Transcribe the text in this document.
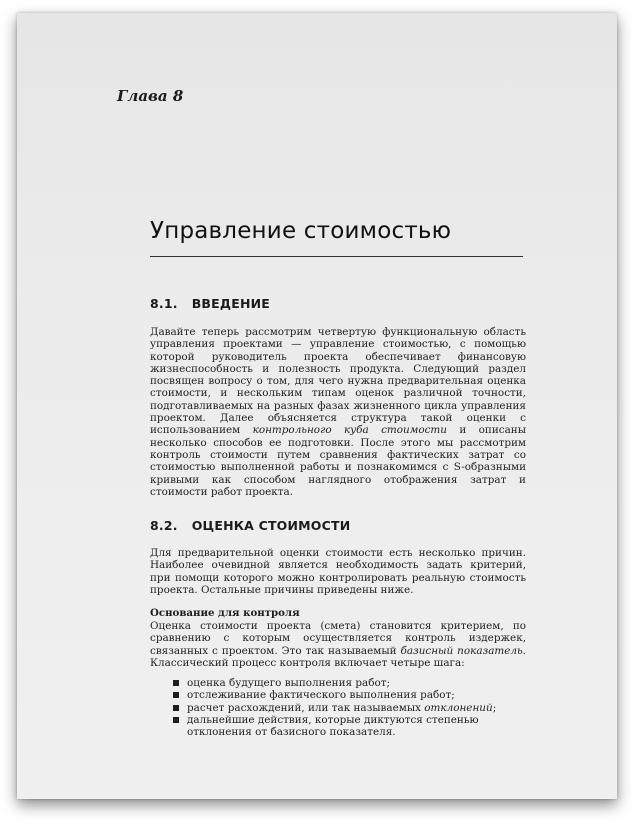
Глава 8
Управление стоимостью
8.1. ВВЕДЕНИЕ
Давайте теперь рассмотрим четвертую функциональную область управления проектами — управление стоимостью, с помощью которой руководитель проекта обеспечивает финансовую жизнеспособность и полезность продукта. Следующий раздел посвящен вопросу о том, для чего нужна предварительная оценка стоимости, и нескольким типам оценок различной точности, подготавливаемых на разных фазах жизненного цикла управления проектом. Далее объясняется структура такой оценки с использованием контрольного куба стоимости и описаны несколько способов ее подготовки. После этого мы рассмотрим контроль стоимости путем сравнения фактических затрат со стоимостью выполненной работы и познакомимся с S-образными кривыми как способом наглядного отображения затрат и стоимости работ проекта.
8.2. ОЦЕНКА СТОИМОСТИ
Для предварительной оценки стоимости есть несколько причин. Наиболее очевидной является необходимость задать критерий, при помощи которого можно контролировать реальную стоимость проекта. Остальные причины приведены ниже.
Основание для контроля
Оценка стоимости проекта (смета) становится критерием, по сравнению с которым осуществляется контроль издержек, связанных с проектом. Это так называемый базисный показатель. Классический процесс контроля включает четыре шага:
оценка будущего выполнения работ;
отслеживание фактического выполнения работ;
расчет расхождений, или так называемых отклонений;
дальнейшие действия, которые диктуются степенью отклонения от базисного показателя.
